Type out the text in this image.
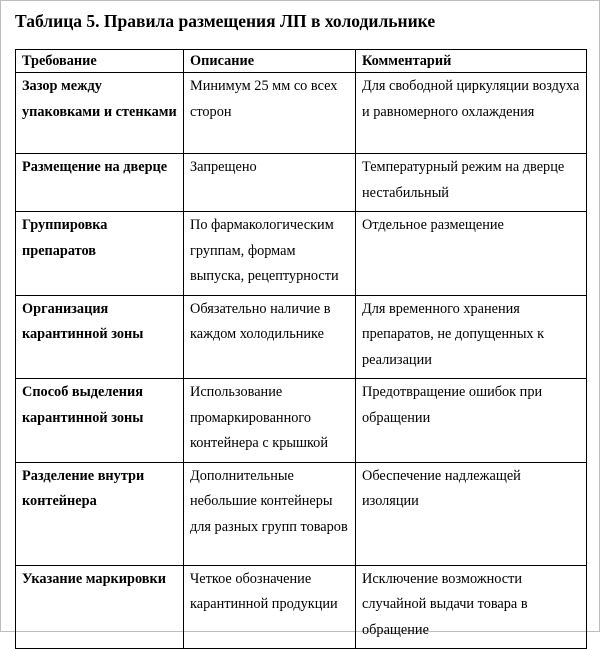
Таблица 5. Правила размещения ЛП в холодильнике
Требование	Описание	Комментарий
Зазор между упаковками и стенками	Минимум 25 мм со всех сторон	Для свободной циркуляции воздуха и равномерного охлаждения
Размещение на дверце	Запрещено	Температурный режим на дверце нестабильный
Группировка препаратов	По фармакологическим группам, формам выпуска, рецептурности	Отдельное размещение
Организация карантинной зоны	Обязательно наличие в каждом холодильнике	Для временного хранения препаратов, не допущенных к реализации
Способ выделения карантинной зоны	Использование промаркированного контейнера с крышкой	Предотвращение ошибок при обращении
Разделение внутри контейнера	Дополнительные небольшие контейнеры для разных групп товаров	Обеспечение надлежащей изоляции
Указание маркировки	Четкое обозначение карантинной продукции	Исключение возможности случайной выдачи товара в обращение
